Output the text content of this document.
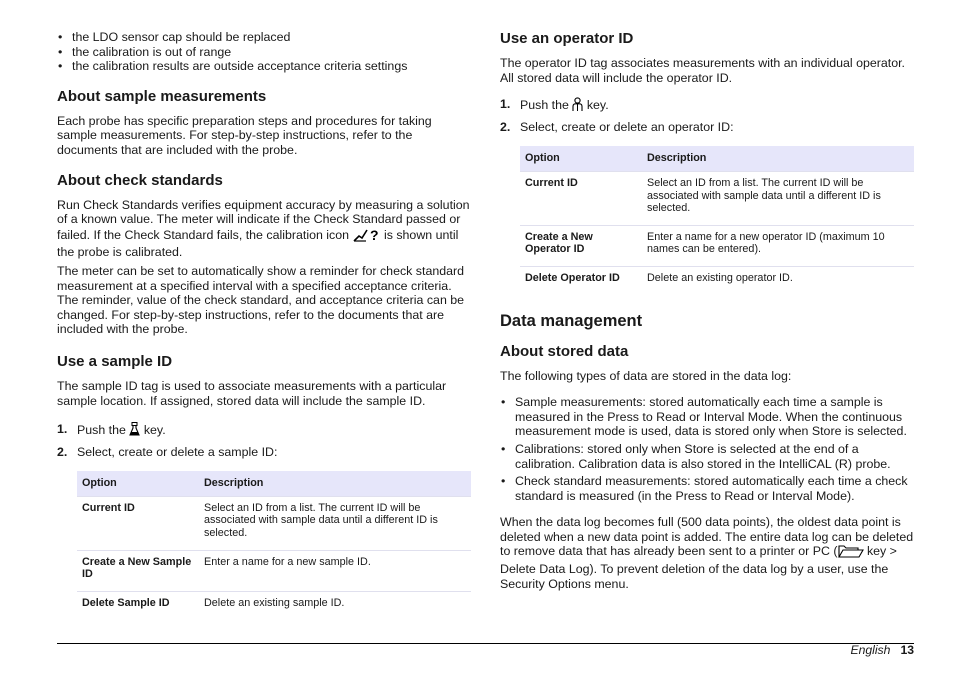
• the LDO sensor cap should be replaced
• the calibration is out of range
• the calibration results are outside acceptance criteria settings
About sample measurements

Each probe has specific preparation steps and procedures for taking sample measurements. For step-by-step instructions, refer to the documents that are included with the probe.

About check standards

Run Check Standards verifies equipment accuracy by measuring a solution of a known value. The meter will indicate if the Check Standard passed or failed. If the Check Standard fails, the calibration icon ? is shown until the probe is calibrated.

The meter can be set to automatically show a reminder for check standard measurement at a specified interval with a specified acceptance criteria. The reminder, value of the check standard, and acceptance criteria can be changed. For step-by-step instructions, refer to the documents that are included with the probe.

Use a sample ID

The sample ID tag is used to associate measurements with a particular sample location. If assigned, stored data will include the sample ID.

1. Push the key.
2. Select, create or delete a sample ID:
Option	Description
Current ID	Select an ID from a list. The current ID will be associated with sample data until a different ID is selected.
Create a New Sample ID	Enter a name for a new sample ID.
Delete Sample ID	Delete an existing sample ID.
Use an operator ID

The operator ID tag associates measurements with an individual operator. All stored data will include the operator ID.

1. Push the key.
2. Select, create or delete an operator ID:
Option	Description
Current ID	Select an ID from a list. The current ID will be associated with sample data until a different ID is selected.
Create a New Operator ID	Enter a name for a new operator ID (maximum 10 names can be entered).
Delete Operator ID	Delete an existing operator ID.
Data management
About stored data

The following types of data are stored in the data log:

• Sample measurements: stored automatically each time a sample is measured in the Press to Read or Interval Mode. When the continuous measurement mode is used, data is stored only when Store is selected.
• Calibrations: stored only when Store is selected at the end of a calibration. Calibration data is also stored in the IntelliCAL (R) probe.
• Check standard measurements: stored automatically each time a check standard is measured (in the Press to Read or Interval Mode).

When the data log becomes full (500 data points), the oldest data point is deleted when a new data point is added. The entire data log can be deleted to remove data that has already been sent to a printer or PC ( key > Delete Data Log). To prevent deletion of the data log by a user, use the Security Options menu.

English 13
